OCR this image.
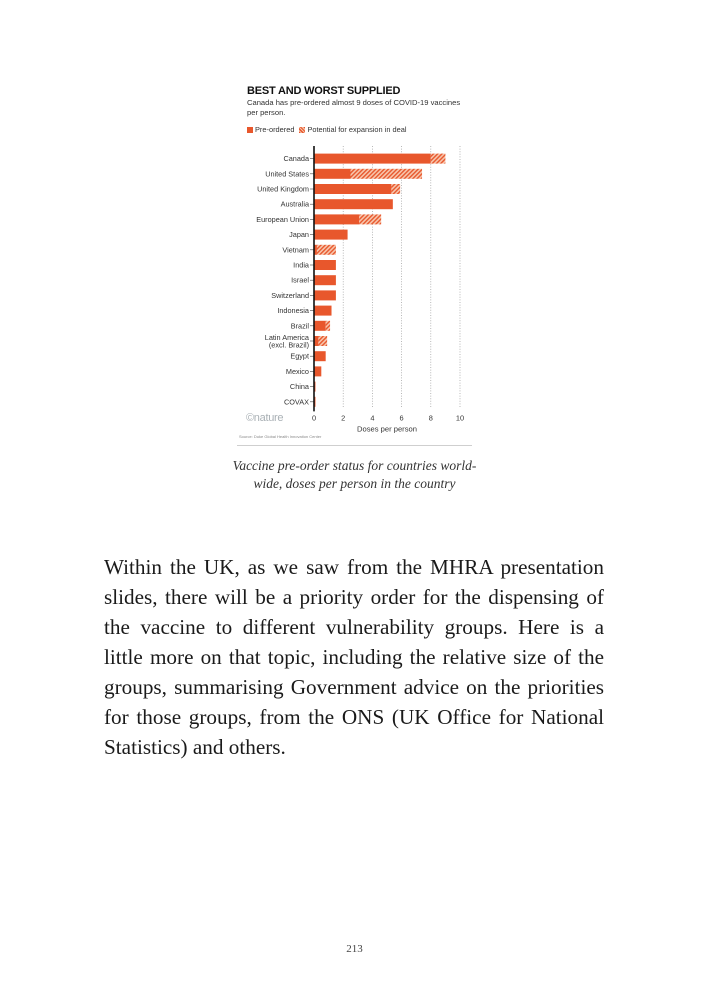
BEST AND WORST SUPPLIED
Canada has pre-ordered almost 9 doses of COVID-19 vaccines per person.
Pre-ordered Potential for expansion in deal
Canada
United States
United Kingdom
Australia
European Union
Japan
Vietnam
India
Israel
Switzerland
Indonesia
Brazil
Latin America (excl. Brazil)
Egypt
Mexico
China
COVAX
0	2	4	6	8	10
Doses per person
©nature
Source: Duke Global Health Innovation Center
Vaccine pre-order status for countries world-wide, doses per person in the country

Within the UK, as we saw from the MHRA presentation slides, there will be a priority order for the dispensing of the vaccine to different vulnerability groups. Here is a little more on that topic, including the relative size of the groups, summarising Government advice on the priorities for those groups, from the ONS (UK Office for National Statistics) and others.

213
